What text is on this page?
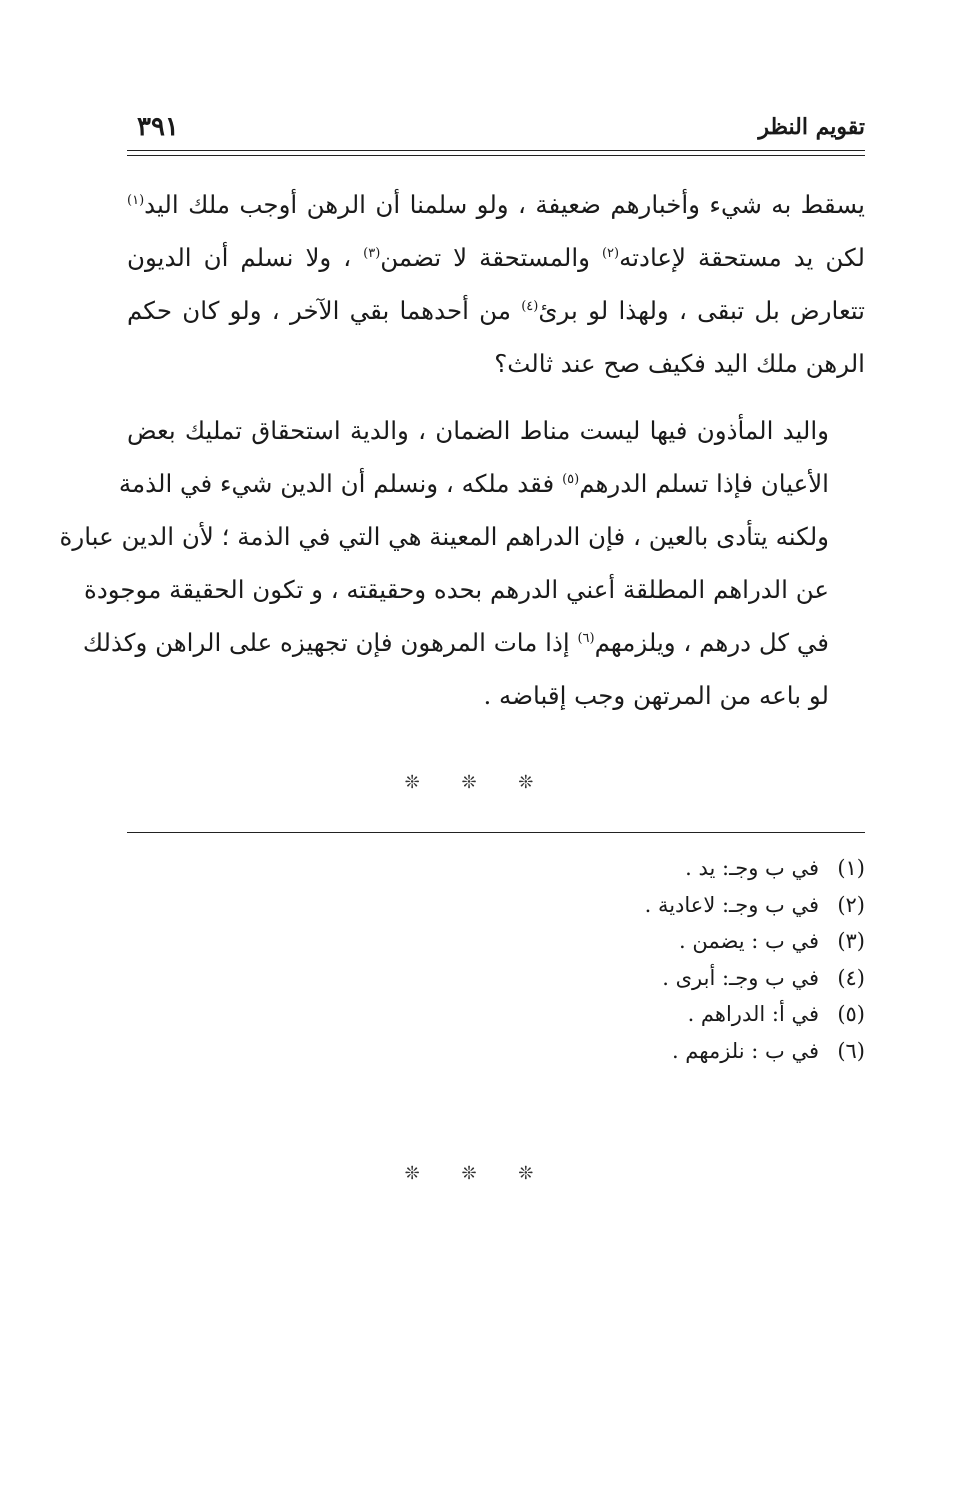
تقويم النظر
٣٩١

يسقط به شيء وأخبارهم ضعيفة ، ولو سلمنا أن الرهن أوجب ملك اليد$^{(١)}$
لكن يد مستحقة لإعادته$^{(٢)}$ والمستحقة لا تضمن$^{(٣)}$ ، ولا نسلم أن الديون
تتعارض بل تبقى ، ولهذا لو برئ$^{(٤)}$ من أحدهما بقي الآخر ، ولو كان حكم
الرهن ملك اليد فكيف صح عند ثالث؟

واليد المأذون فيها ليست مناط الضمان ، والدية استحقاق تمليك بعض
الأعيان فإذا تسلم الدرهم$^{(٥)}$ فقد ملكه ، ونسلم أن الدين شيء في الذمة
ولكنه يتأدى بالعين ، فإن الدراهم المعينة هي التي في الذمة ؛ لأن الدين عبارة
عن الدراهم المطلقة أعني الدرهم بحده وحقيقته ، و تكون الحقيقة موجودة
في كل درهم ، ويلزمهم$^{(٦)}$ إذا مات المرهون فإن تجهيزه على الراهن وكذلك
لو باعه من المرتهن وجب إقباضه .

❊ ❊ ❊
(١)في ب وجـ: يد .
(٢)في ب وجـ: لاعادية .
(٣)في ب : يضمن .
(٤)في ب وجـ: أبرى .
(٥)في أ: الدراهم .
(٦)في ب : نلزمهم .
❊ ❊ ❊
